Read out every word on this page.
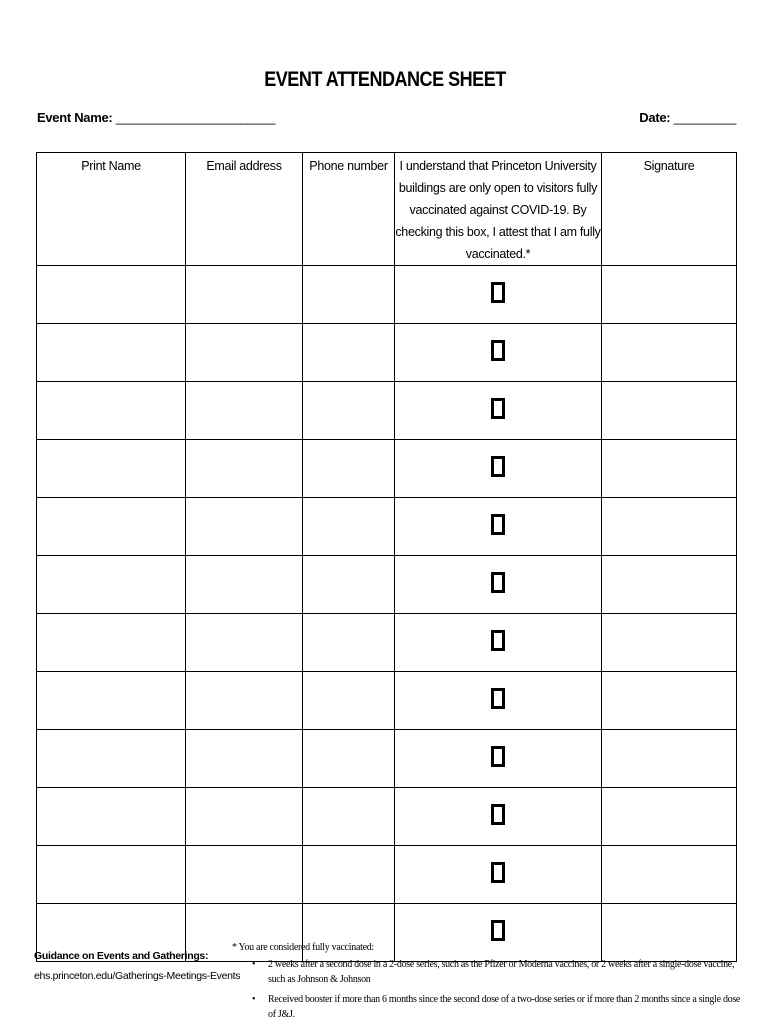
EVENT ATTENDANCE SHEET
Event Name: _______________________	Date: _________
Print Name	Email address	Phone number	I understand that Princeton University buildings are only open to visitors fully vaccinated against COVID-19. By checking this box, I attest that I am fully vaccinated.*	Signature

Guidance on Events and Gatherings:
ehs.princeton.edu/Gatherings-Meetings-Events
* You are considered fully vaccinated:
• 2 weeks after a second dose in a 2-dose series, such as the Pfizer or Moderna vaccines, or 2 weeks after a single-dose vaccine, such as Johnson & Johnson
• Received booster if more than 6 months since the second dose of a two-dose series or if more than 2 months since a single dose of J&J.
